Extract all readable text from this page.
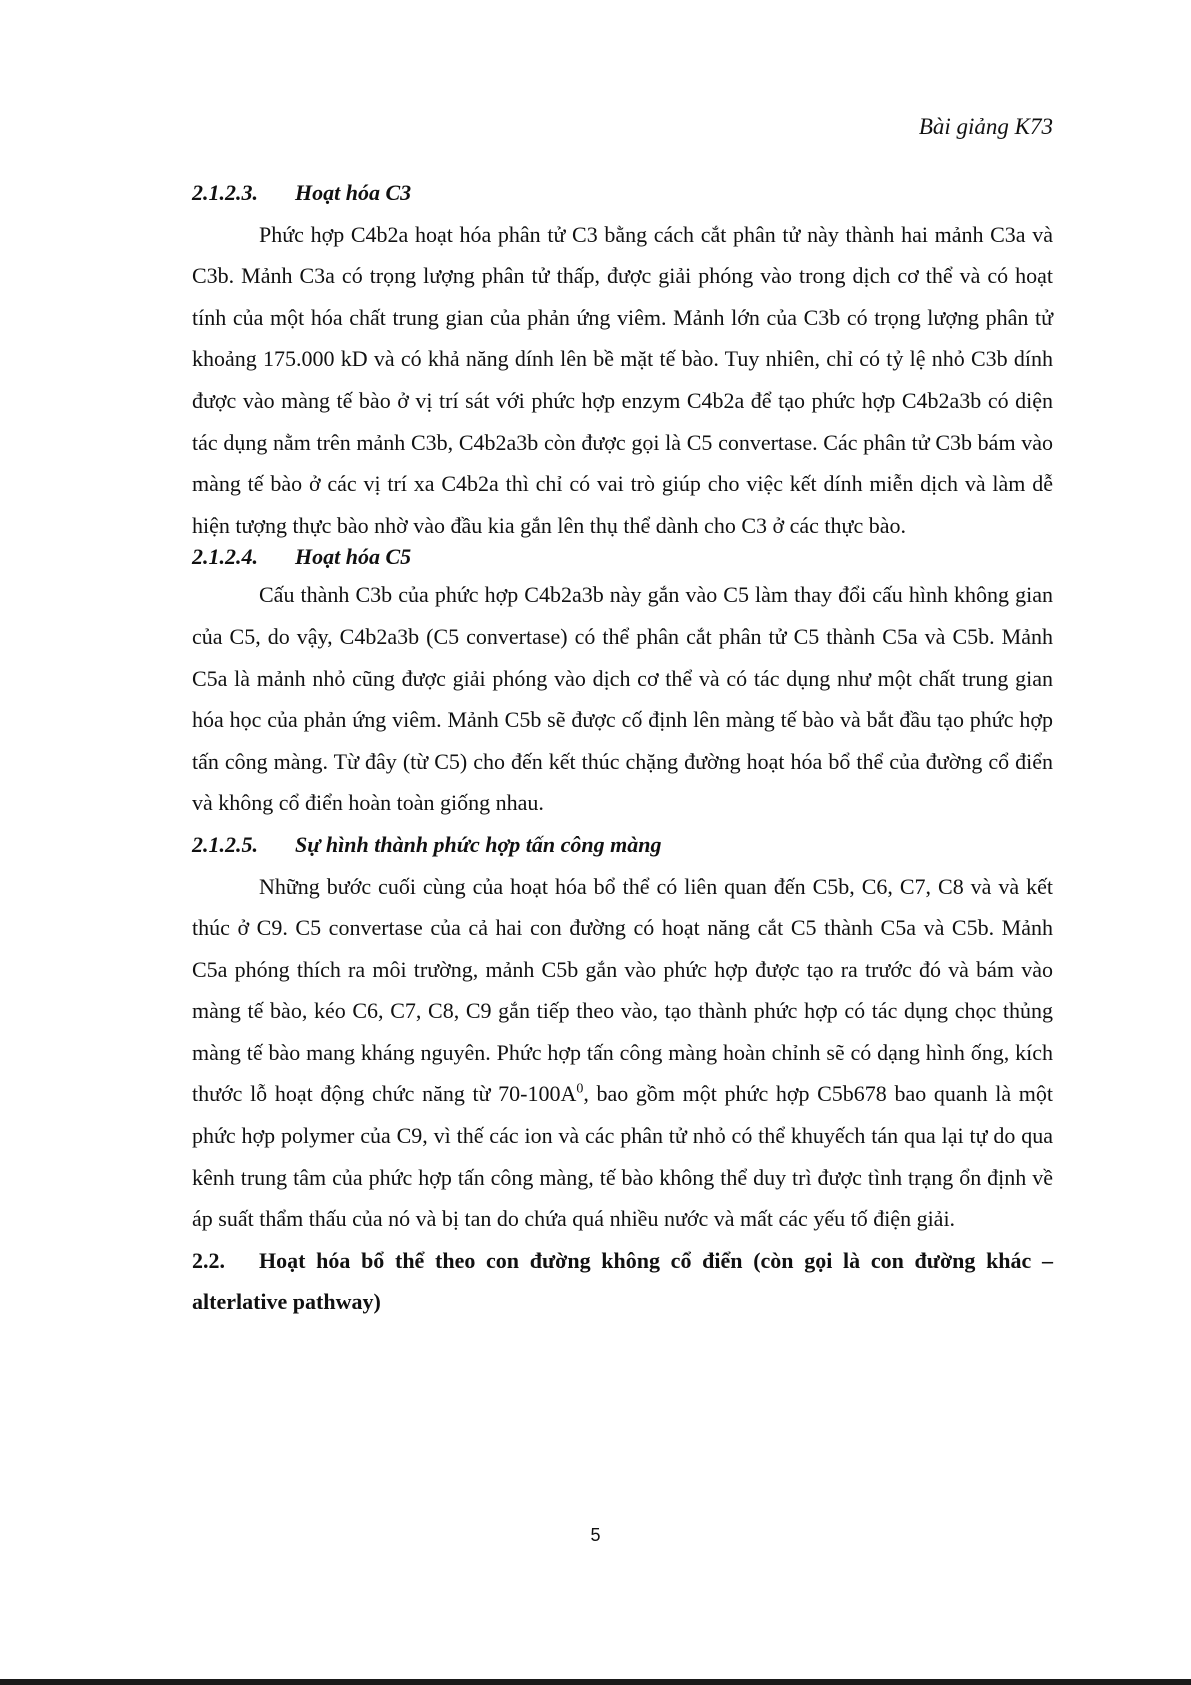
Bài giảng K73
2.1.2.3.	Hoạt hóa C3

Phức hợp C4b2a hoạt hóa phân tử C3 bằng cách cắt phân tử này thành hai mảnh C3a và C3b. Mảnh C3a có trọng lượng phân tử thấp, được giải phóng vào trong dịch cơ thể và có hoạt tính của một hóa chất trung gian của phản ứng viêm. Mảnh lớn của C3b có trọng lượng phân tử khoảng 175.000 kD và có khả năng dính lên bề mặt tế bào. Tuy nhiên, chỉ có tỷ lệ nhỏ C3b dính được vào màng tế bào ở vị trí sát với phức hợp enzym C4b2a để tạo phức hợp C4b2a3b có diện tác dụng nằm trên mảnh C3b, C4b2a3b còn được gọi là C5 convertase. Các phân tử C3b bám vào màng tế bào ở các vị trí xa C4b2a thì chỉ có vai trò giúp cho việc kết dính miễn dịch và làm dễ hiện tượng thực bào nhờ vào đầu kia gắn lên thụ thể dành cho C3 ở các thực bào.

2.1.2.4.	Hoạt hóa C5

Cấu thành C3b của phức hợp C4b2a3b này gắn vào C5 làm thay đổi cấu hình không gian của C5, do vậy, C4b2a3b (C5 convertase) có thể phân cắt phân tử C5 thành C5a và C5b. Mảnh C5a là mảnh nhỏ cũng được giải phóng vào dịch cơ thể và có tác dụng như một chất trung gian hóa học của phản ứng viêm. Mảnh C5b sẽ được cố định lên màng tế bào và bắt đầu tạo phức hợp tấn công màng. Từ đây (từ C5) cho đến kết thúc chặng đường hoạt hóa bổ thể của đường cổ điển và không cổ điển hoàn toàn giống nhau.

2.1.2.5.	Sự hình thành phức hợp tấn công màng

Những bước cuối cùng của hoạt hóa bổ thể có liên quan đến C5b, C6, C7, C8 và và kết thúc ở C9. C5 convertase của cả hai con đường có hoạt năng cắt C5 thành C5a và C5b. Mảnh C5a phóng thích ra môi trường, mảnh C5b gắn vào phức hợp được tạo ra trước đó và bám vào màng tế bào, kéo C6, C7, C8, C9 gắn tiếp theo vào, tạo thành phức hợp có tác dụng chọc thủng màng tế bào mang kháng nguyên. Phức hợp tấn công màng hoàn chỉnh sẽ có dạng hình ống, kích thước lỗ hoạt động chức năng từ $70-100A^0$, bao gồm một phức hợp C5b678 bao quanh là một phức hợp polymer của C9, vì thế các ion và các phân tử nhỏ có thể khuyếch tán qua lại tự do qua kênh trung tâm của phức hợp tấn công màng, tế bào không thể duy trì được tình trạng ổn định về áp suất thẩm thấu của nó và bị tan do chứa quá nhiều nước và mất các yếu tố điện giải.

2.2. Hoạt hóa bổ thể theo con đường không cổ điển (còn gọi là con đường khác – alterlative pathway)
5
